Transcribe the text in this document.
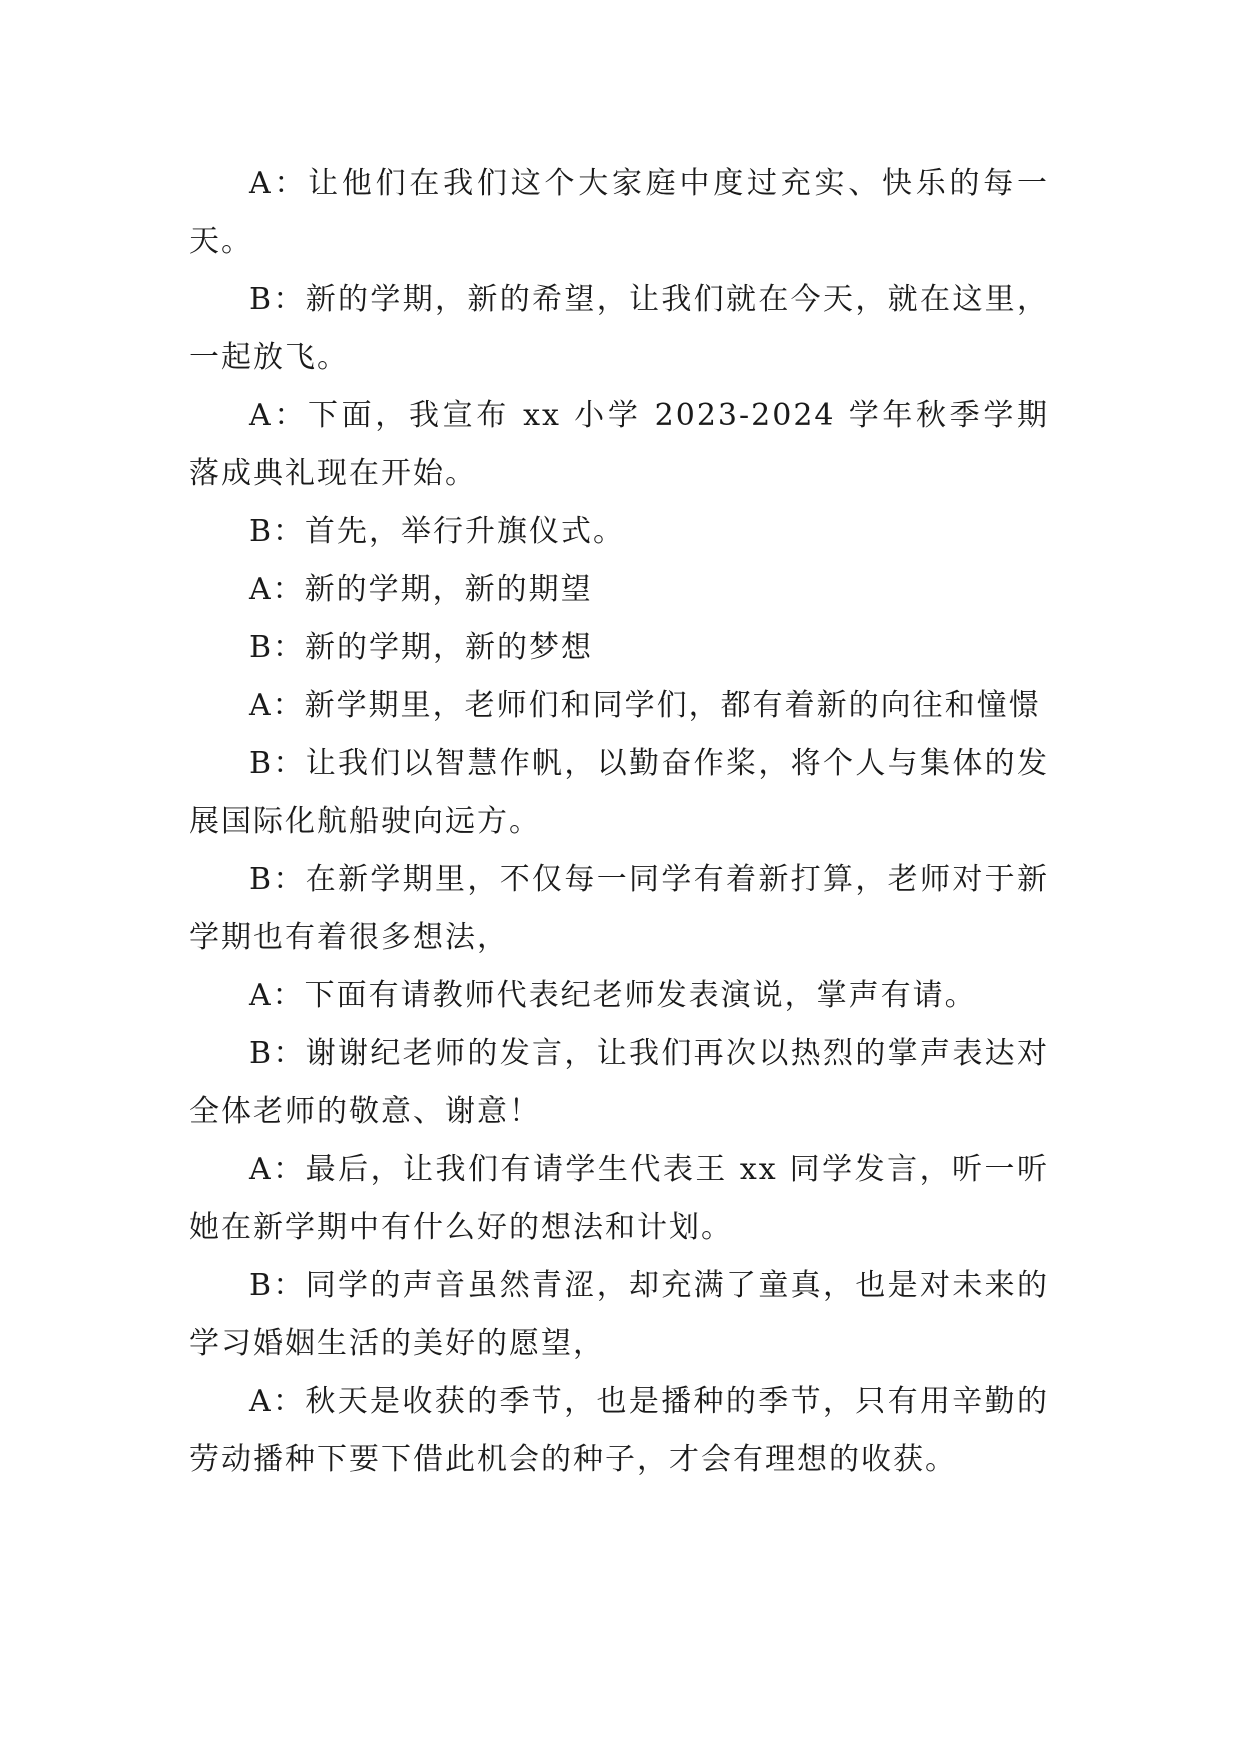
A：让他们在我们这个大家庭中度过充实、快乐的每一天。

B：新的学期，新的希望，让我们就在今天，就在这里，一起放飞。

A：下面，我宣布 xx 小学 2023-2024 学年秋季学期落成典礼现在开始。

B：首先，举行升旗仪式。

A：新的学期，新的期望

B：新的学期，新的梦想

A：新学期里，老师们和同学们，都有着新的向往和憧憬

B：让我们以智慧作帆，以勤奋作桨，将个人与集体的发展国际化航船驶向远方。

B：在新学期里，不仅每一同学有着新打算，老师对于新学期也有着很多想法，

A：下面有请教师代表纪老师发表演说，掌声有请。

B：谢谢纪老师的发言，让我们再次以热烈的掌声表达对全体老师的敬意、谢意！

A：最后，让我们有请学生代表王 xx 同学发言，听一听她在新学期中有什么好的想法和计划。

B：同学的声音虽然青涩，却充满了童真，也是对未来的学习婚姻生活的美好的愿望，

A：秋天是收获的季节，也是播种的季节，只有用辛勤的劳动播种下要下借此机会的种子，才会有理想的收获。
